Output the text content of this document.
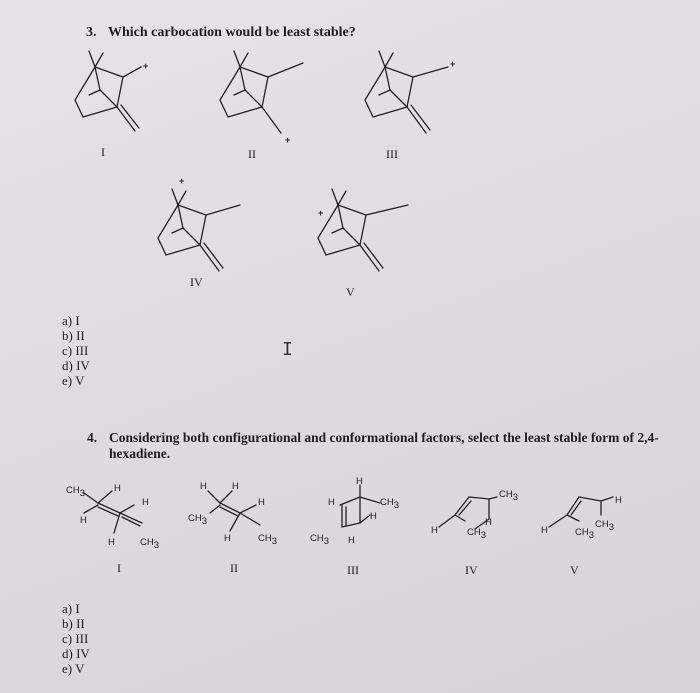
3. Which carbocation would be least stable?
+
I
+
II
+
III
+
IV
+
V
a) I
b) II
c) III
d) IV
e) V
I
4. Considering both configurational and conformational factors, select the least stable form of 2,4-hexadiene.
CH3	H
H
H
H	CH3
I
H	H
H
CH3
H	CH3
II
H
H	CH3
H
CH3 H
III
CH3
H
H	CH3
IV
H
CH3
H	CH3
V
a) I
b) II
c) III
d) IV
e) V
